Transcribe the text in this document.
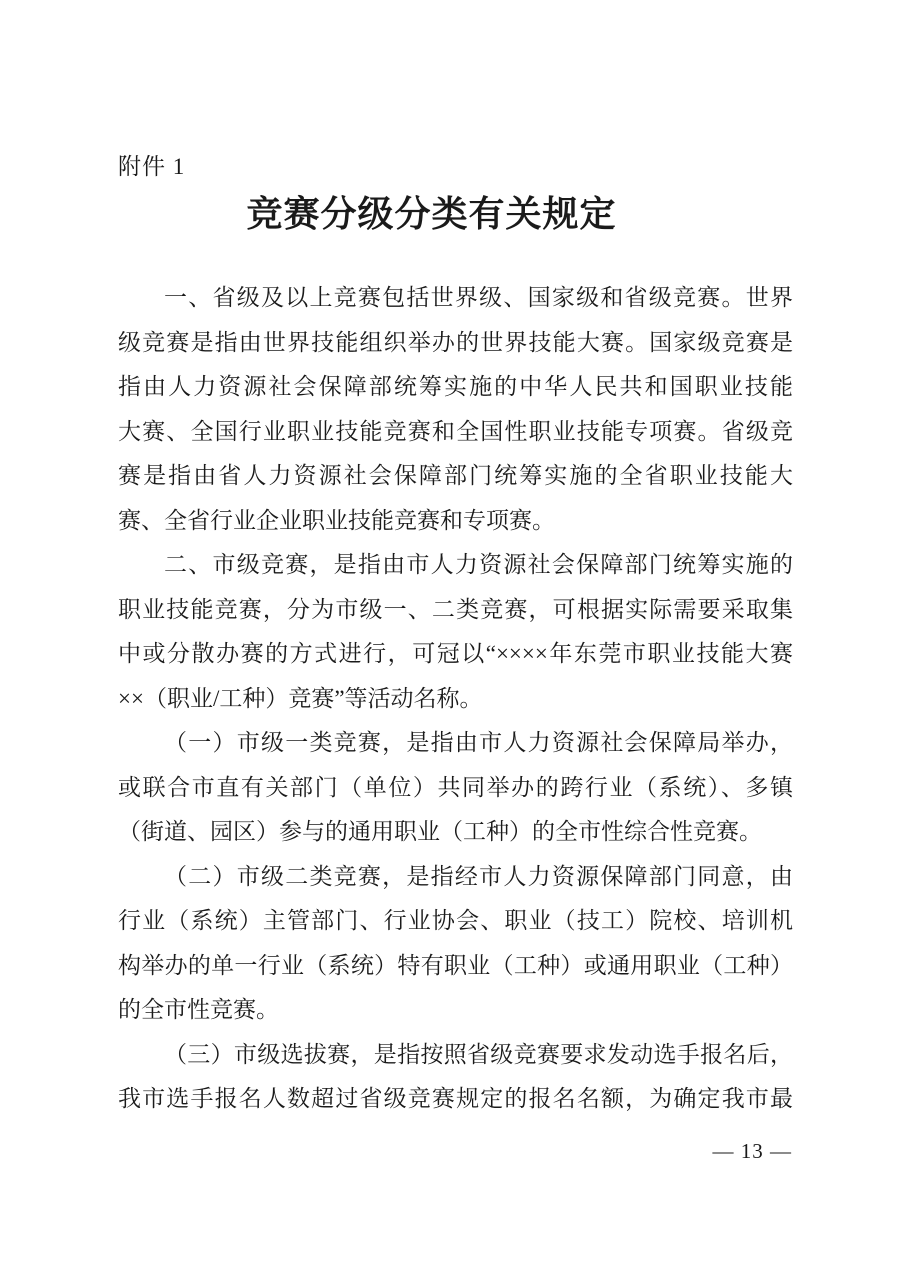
附件 1
竞赛分级分类有关规定
一、省级及以上竞赛包括世界级、国家级和省级竞赛。世界
级竞赛是指由世界技能组织举办的世界技能大赛。国家级竞赛是
指由人力资源社会保障部统筹实施的中华人民共和国职业技能
大赛、全国行业职业技能竞赛和全国性职业技能专项赛。省级竞
赛是指由省人力资源社会保障部门统筹实施的全省职业技能大
赛、全省行业企业职业技能竞赛和专项赛。
二、市级竞赛，是指由市人力资源社会保障部门统筹实施的
职业技能竞赛，分为市级一、二类竞赛，可根据实际需要采取集
中或分散办赛的方式进行，可冠以“××××年东莞市职业技能大赛
××（职业/工种）竞赛”等活动名称。
（一）市级一类竞赛，是指由市人力资源社会保障局举办，
或联合市直有关部门（单位）共同举办的跨行业（系统）、多镇
（街道、园区）参与的通用职业（工种）的全市性综合性竞赛。
（二）市级二类竞赛，是指经市人力资源保障部门同意，由
行业（系统）主管部门、行业协会、职业（技工）院校、培训机
构举办的单一行业（系统）特有职业（工种）或通用职业（工种）
的全市性竞赛。
（三）市级选拔赛，是指按照省级竞赛要求发动选手报名后，
我市选手报名人数超过省级竞赛规定的报名名额，为确定我市最
— 13 —
